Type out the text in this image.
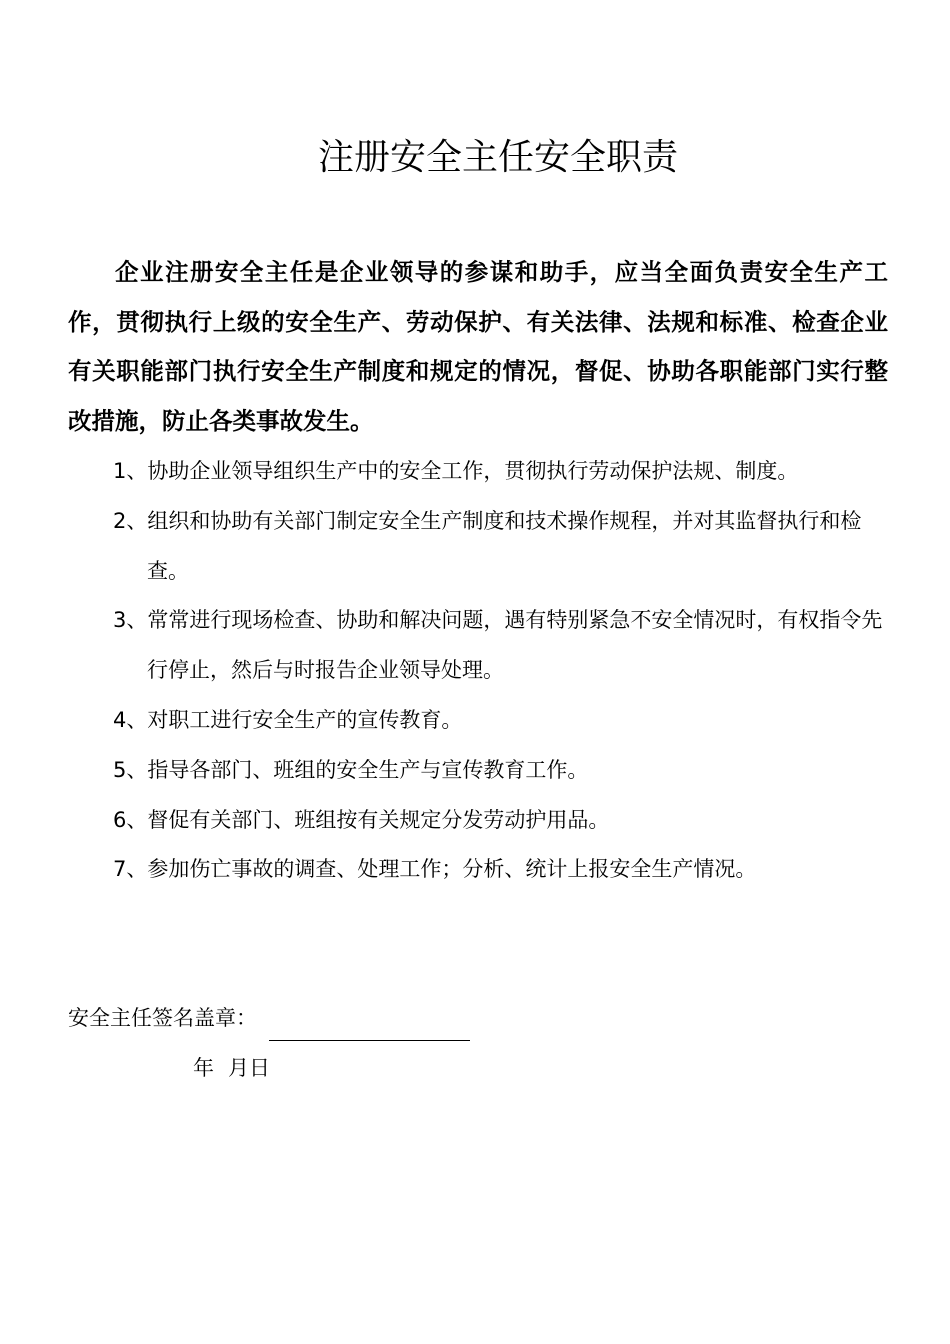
注册安全主任安全职责

企业注册安全主任是企业领导的参谋和助手，应当全面负责安全生产工作，贯彻执行上级的安全生产、劳动保护、有关法律、法规和标准、检查企业有关职能部门执行安全生产制度和规定的情况，督促、协助各职能部门实行整改措施，防止各类事故发生。

1、协助企业领导组织生产中的安全工作，贯彻执行劳动保护法规、制度。
2、组织和协助有关部门制定安全生产制度和技术操作规程，并对其监督执行和检查。
3、常常进行现场检查、协助和解决问题，遇有特别紧急不安全情况时，有权指令先行停止，然后与时报告企业领导处理。
4、对职工进行安全生产的宣传教育。
5、指导各部门、班组的安全生产与宣传教育工作。
6、督促有关部门、班组按有关规定分发劳动护用品。
7、参加伤亡事故的调查、处理工作；分析、统计上报安全生产情况。
安全主任签名盖章：
年 月日
